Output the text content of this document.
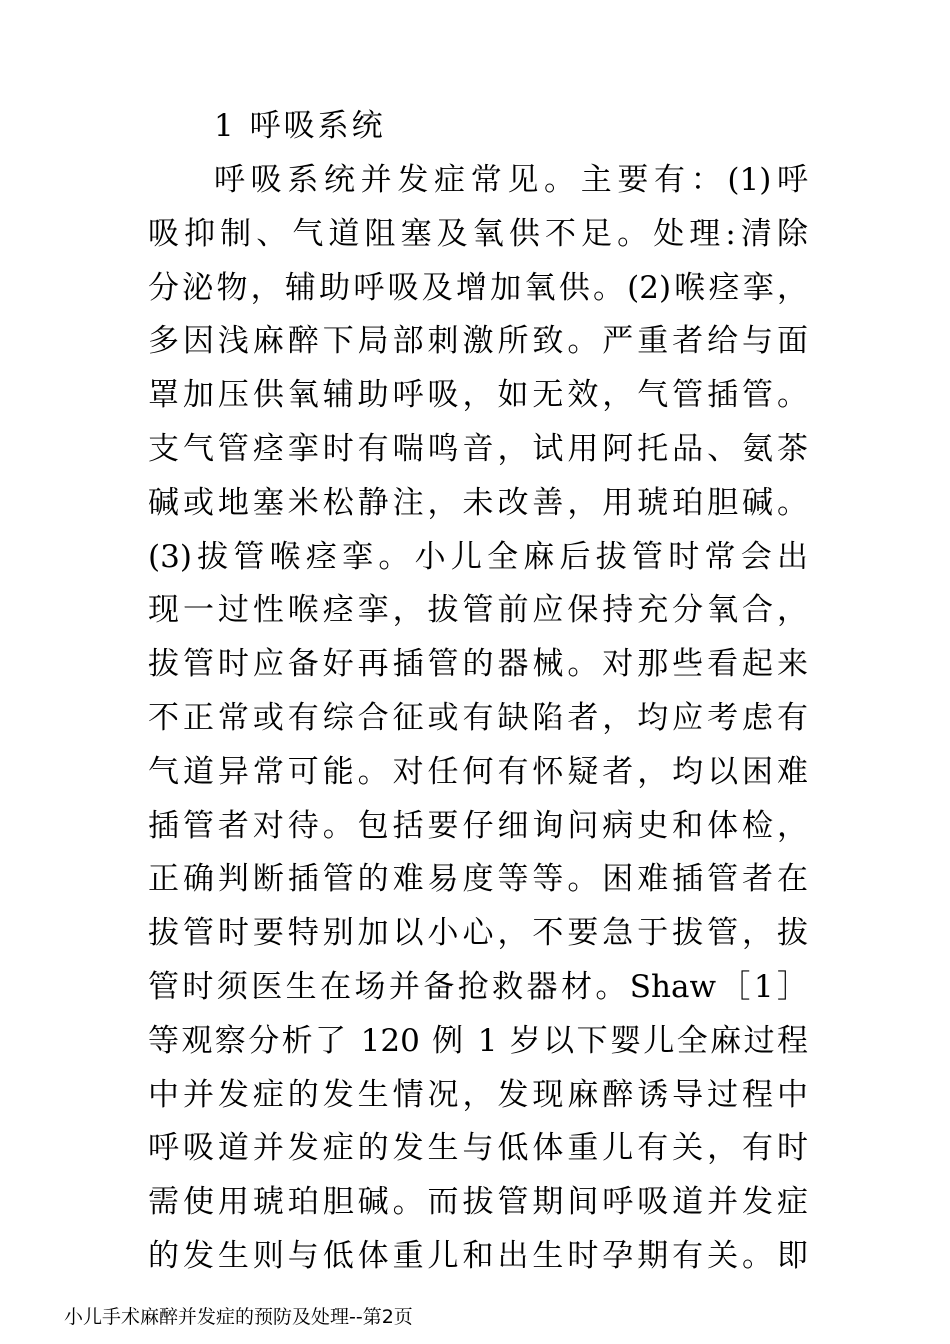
1 呼吸系统
呼吸系统并发症常见。主要有：(1)呼
吸抑制、气道阻塞及氧供不足。处理:清除
分泌物，辅助呼吸及增加氧供。(2)喉痉挛，
多因浅麻醉下局部刺激所致。严重者给与面
罩加压供氧辅助呼吸，如无效，气管插管。
支气管痉挛时有喘鸣音，试用阿托品、氨茶
碱或地塞米松静注，未改善，用琥珀胆碱。
(3)拔管喉痉挛。小儿全麻后拔管时常会出
现一过性喉痉挛，拔管前应保持充分氧合，
拔管时应备好再插管的器械。对那些看起来
不正常或有综合征或有缺陷者，均应考虑有
气道异常可能。对任何有怀疑者，均以困难
插管者对待。包括要仔细询问病史和体检，
正确判断插管的难易度等等。困难插管者在
拔管时要特别加以小心，不要急于拔管，拔
管时须医生在场并备抢救器材。Shaw［1］
等观察分析了 120 例 1 岁以下婴儿全麻过程
中并发症的发生情况，发现麻醉诱导过程中
呼吸道并发症的发生与低体重儿有关，有时
需使用琥珀胆碱。而拔管期间呼吸道并发症
的发生则与低体重儿和出生时孕期有关。即
小儿手术麻醉并发症的预防及处理--第2页
